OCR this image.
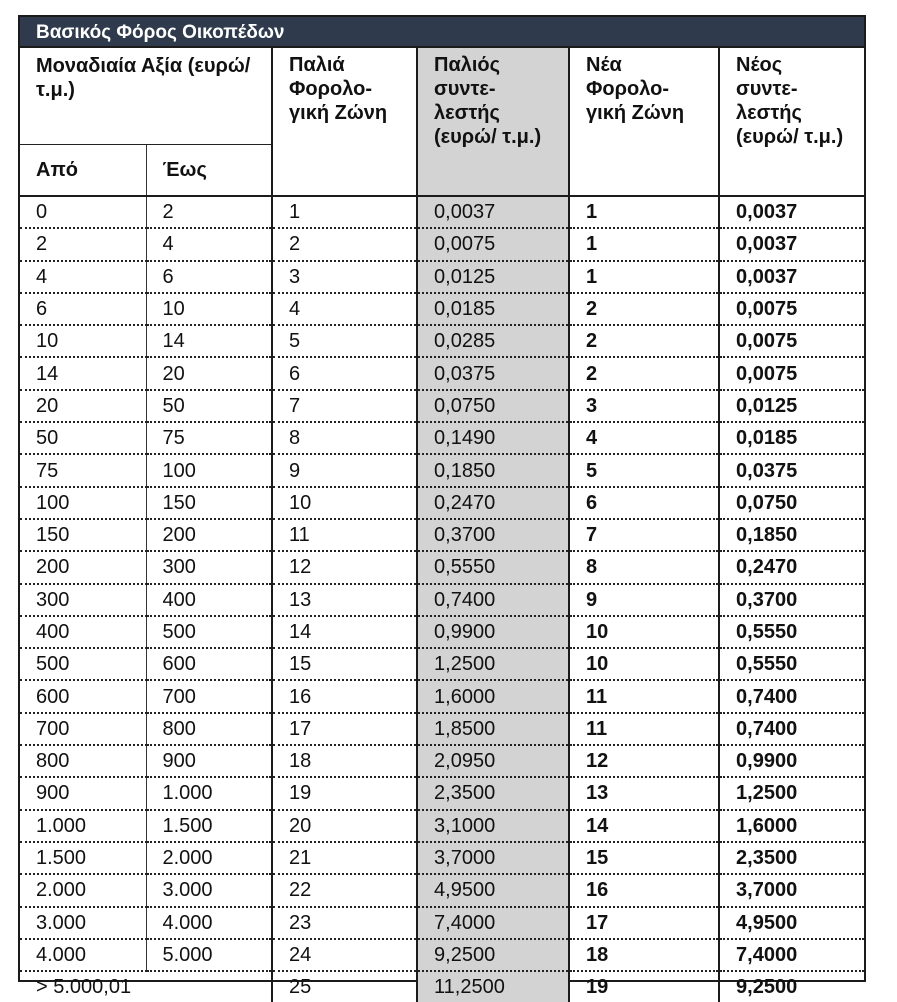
Βασικός Φόρος Οικοπέδων
Μοναδιαία Αξία (ευρώ/τ.μ.)		Παλιά Φορολο-γική Ζώνη	Παλιός συντε-λεστής (ευρώ/ τ.μ.)	Νέα Φορολο-γική Ζώνη	Νέος συντε-λεστής (ευρώ/ τ.μ.)

Από	Έως				
0	2	1	0,0037	1	0,0037
2	4	2	0,0075	1	0,0037
4	6	3	0,0125	1	0,0037
6	10	4	0,0185	2	0,0075
10	14	5	0,0285	2	0,0075
14	20	6	0,0375	2	0,0075
20	50	7	0,0750	3	0,0125
50	75	8	0,1490	4	0,0185
75	100	9	0,1850	5	0,0375
100	150	10	0,2470	6	0,0750
150	200	11	0,3700	7	0,1850
200	300	12	0,5550	8	0,2470
300	400	13	0,7400	9	0,3700
400	500	14	0,9900	10	0,5550
500	600	15	1,2500	10	0,5550
600	700	16	1,6000	11	0,7400
700	800	17	1,8500	11	0,7400
800	900	18	2,0950	12	0,9900
900	1.000	19	2,3500	13	1,2500
1.000	1.500	20	3,1000	14	1,6000
1.500	2.000	21	3,7000	15	2,3500
2.000	3.000	22	4,9500	16	3,7000
3.000	4.000	23	7,4000	17	4,9500
4.000	5.000	24	9,2500	18	7,4000
> 5.000,01		25	11,2500	19	9,2500
